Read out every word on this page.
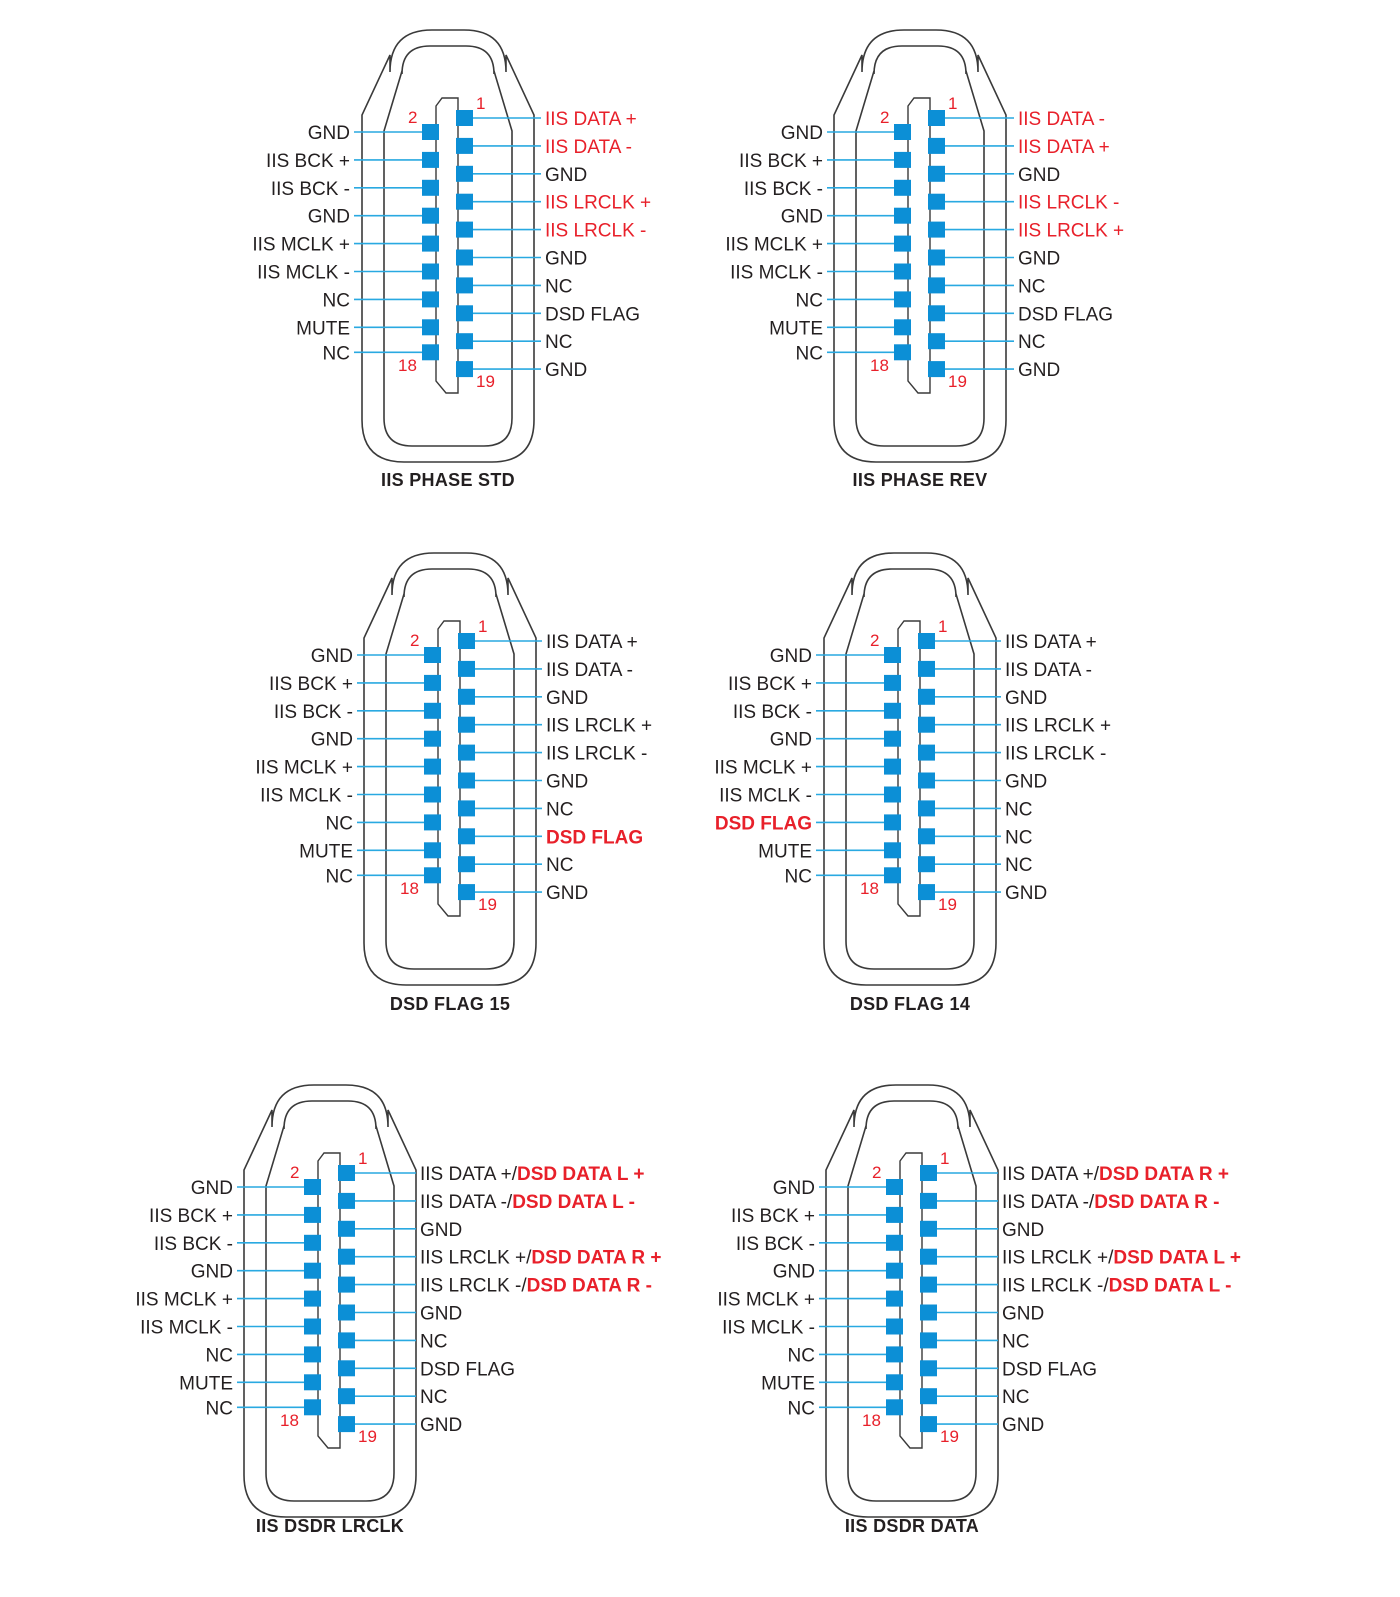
IIS DATA +
IIS DATA -
GND
IIS LRCLK +
IIS LRCLK -
GND
NC
DSD FLAG
NC
GND
GND
IIS BCK +
IIS BCK -
GND
IIS MCLK +
IIS MCLK -
NC
MUTE
NC
1
2
18
19
IIS PHASE STD
IIS DATA -
IIS DATA +
GND
IIS LRCLK -
IIS LRCLK +
GND
NC
DSD FLAG
NC
GND
GND
IIS BCK +
IIS BCK -
GND
IIS MCLK +
IIS MCLK -
NC
MUTE
NC
1
2
18
19
IIS PHASE REV
IIS DATA +
IIS DATA -
GND
IIS LRCLK +
IIS LRCLK -
GND
NC
DSD FLAG
NC
GND
GND
IIS BCK +
IIS BCK -
GND
IIS MCLK +
IIS MCLK -
NC
MUTE
NC
1
2
18
19
DSD FLAG 15
IIS DATA +
IIS DATA -
GND
IIS LRCLK +
IIS LRCLK -
GND
NC
NC
NC
GND
GND
IIS BCK +
IIS BCK -
GND
IIS MCLK +
IIS MCLK -
DSD FLAG
MUTE
NC
1
2
18
19
DSD FLAG 14
IIS DATA +/DSD DATA L +
IIS DATA -/DSD DATA L -
GND
IIS LRCLK +/DSD DATA R +
IIS LRCLK -/DSD DATA R -
GND
NC
DSD FLAG
NC
GND
GND
IIS BCK +
IIS BCK -
GND
IIS MCLK +
IIS MCLK -
NC
MUTE
NC
1
2
18
19
IIS DSDR LRCLK
IIS DATA +/DSD DATA R +
IIS DATA -/DSD DATA R -
GND
IIS LRCLK +/DSD DATA L +
IIS LRCLK -/DSD DATA L -
GND
NC
DSD FLAG
NC
GND
GND
IIS BCK +
IIS BCK -
GND
IIS MCLK +
IIS MCLK -
NC
MUTE
NC
1
2
18
19
IIS DSDR DATA
